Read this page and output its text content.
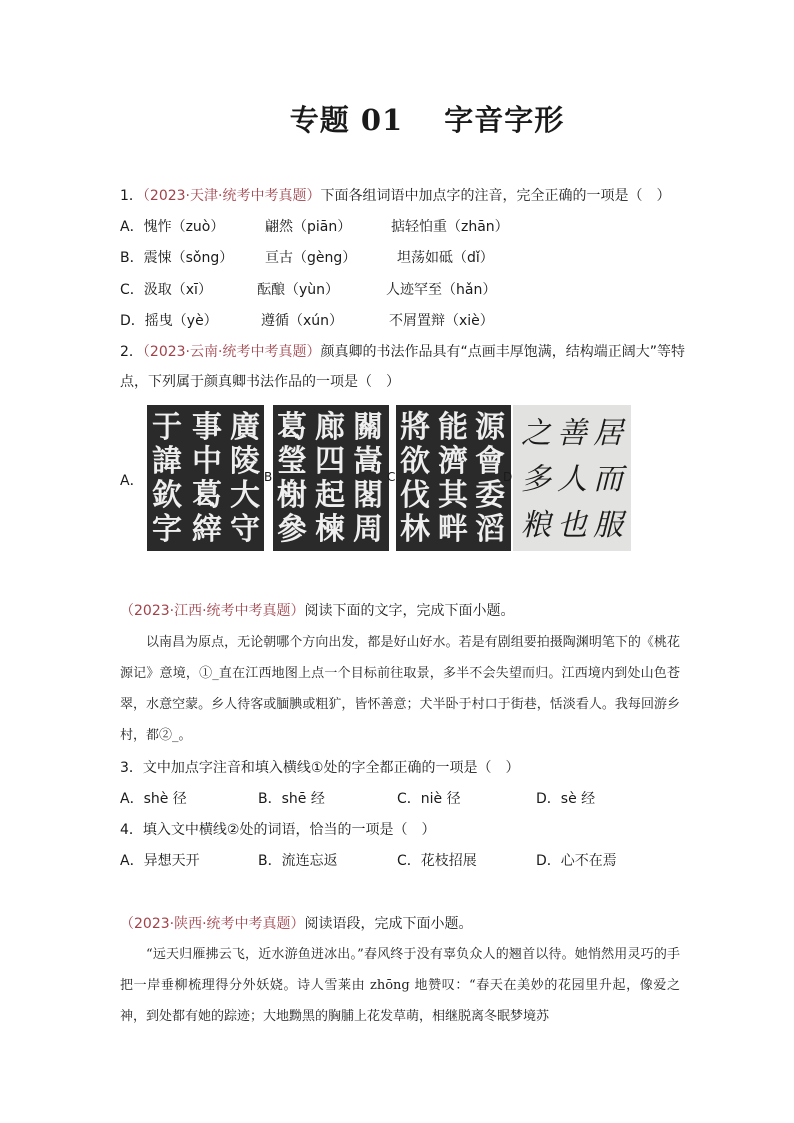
专题 01　 字音字形
1．（2023·天津·统考中考真题）下面各组词语中加点字的注音，完全正确的一项是（　）
A．愧怍（zuò）	翩然（piān）	掂轻怕重（zhān）
B．震悚（sǒng） 亘古（gèng）	坦荡如砥（dǐ）
C．汲取（xī）	酝酿（yùn）	人迹罕至（hǎn）
D．摇曳（yè）	遵循（xún）	不屑置辩（xiè）
2．（2023·云南·统考中考真题）颜真卿的书法作品具有“点画丰厚饱满，结构端正阔大”等特
点，下列属于颜真卿书法作品的一项是（　）
A．
廣
陵
大
守
事
中
葛
縡
于
諱
欽
字
B
關
嵩
閣
周
廊
四
起
楝
葛
瑩
榭
參
C
源
會
委
滔
能
濟
其
畔
將
欲
伐
林
D
居
而
服
善
人
也
之
多
粮
（2023·江西·统考中考真题）阅读下面的文字，完成下面小题。
以南昌为原点，无论朝哪个方向出发，都是好山好水。若是有剧组要拍摄陶渊明笔下的《桃花源记》意境，①_直在江西地图上点一个目标前往取景，多半不会失望而归。江西境内到处山色苍翠，水意空蒙。乡人待客或腼腆或粗犷，皆怀善意；犬半卧于村口于街巷，恬淡看人。我每回游乡村，都②_。
3．文中加点字注音和填入横线①处的字全都正确的一项是（　）
A．shè 径	B．shē 经	C．niè 径	D．sè 经
4．填入文中横线②处的词语，恰当的一项是（　）
A．异想天开	B．流连忘返	C．花枝招展	D．心不在焉
（2023·陕西·统考中考真题）阅读语段，完成下面小题。
“远天归雁拂云飞，近水游鱼迸冰出。”春风终于没有辜负众人的翘首以待。她悄然用灵巧的手把一岸垂柳梳理得分外妖娆。诗人雪莱由 zhōng 地赞叹：“春天在美妙的花园里升起，像爱之神，到处都有她的踪迹；大地黝黑的胸脯上花发草萌，相继脱离冬眠梦境苏
